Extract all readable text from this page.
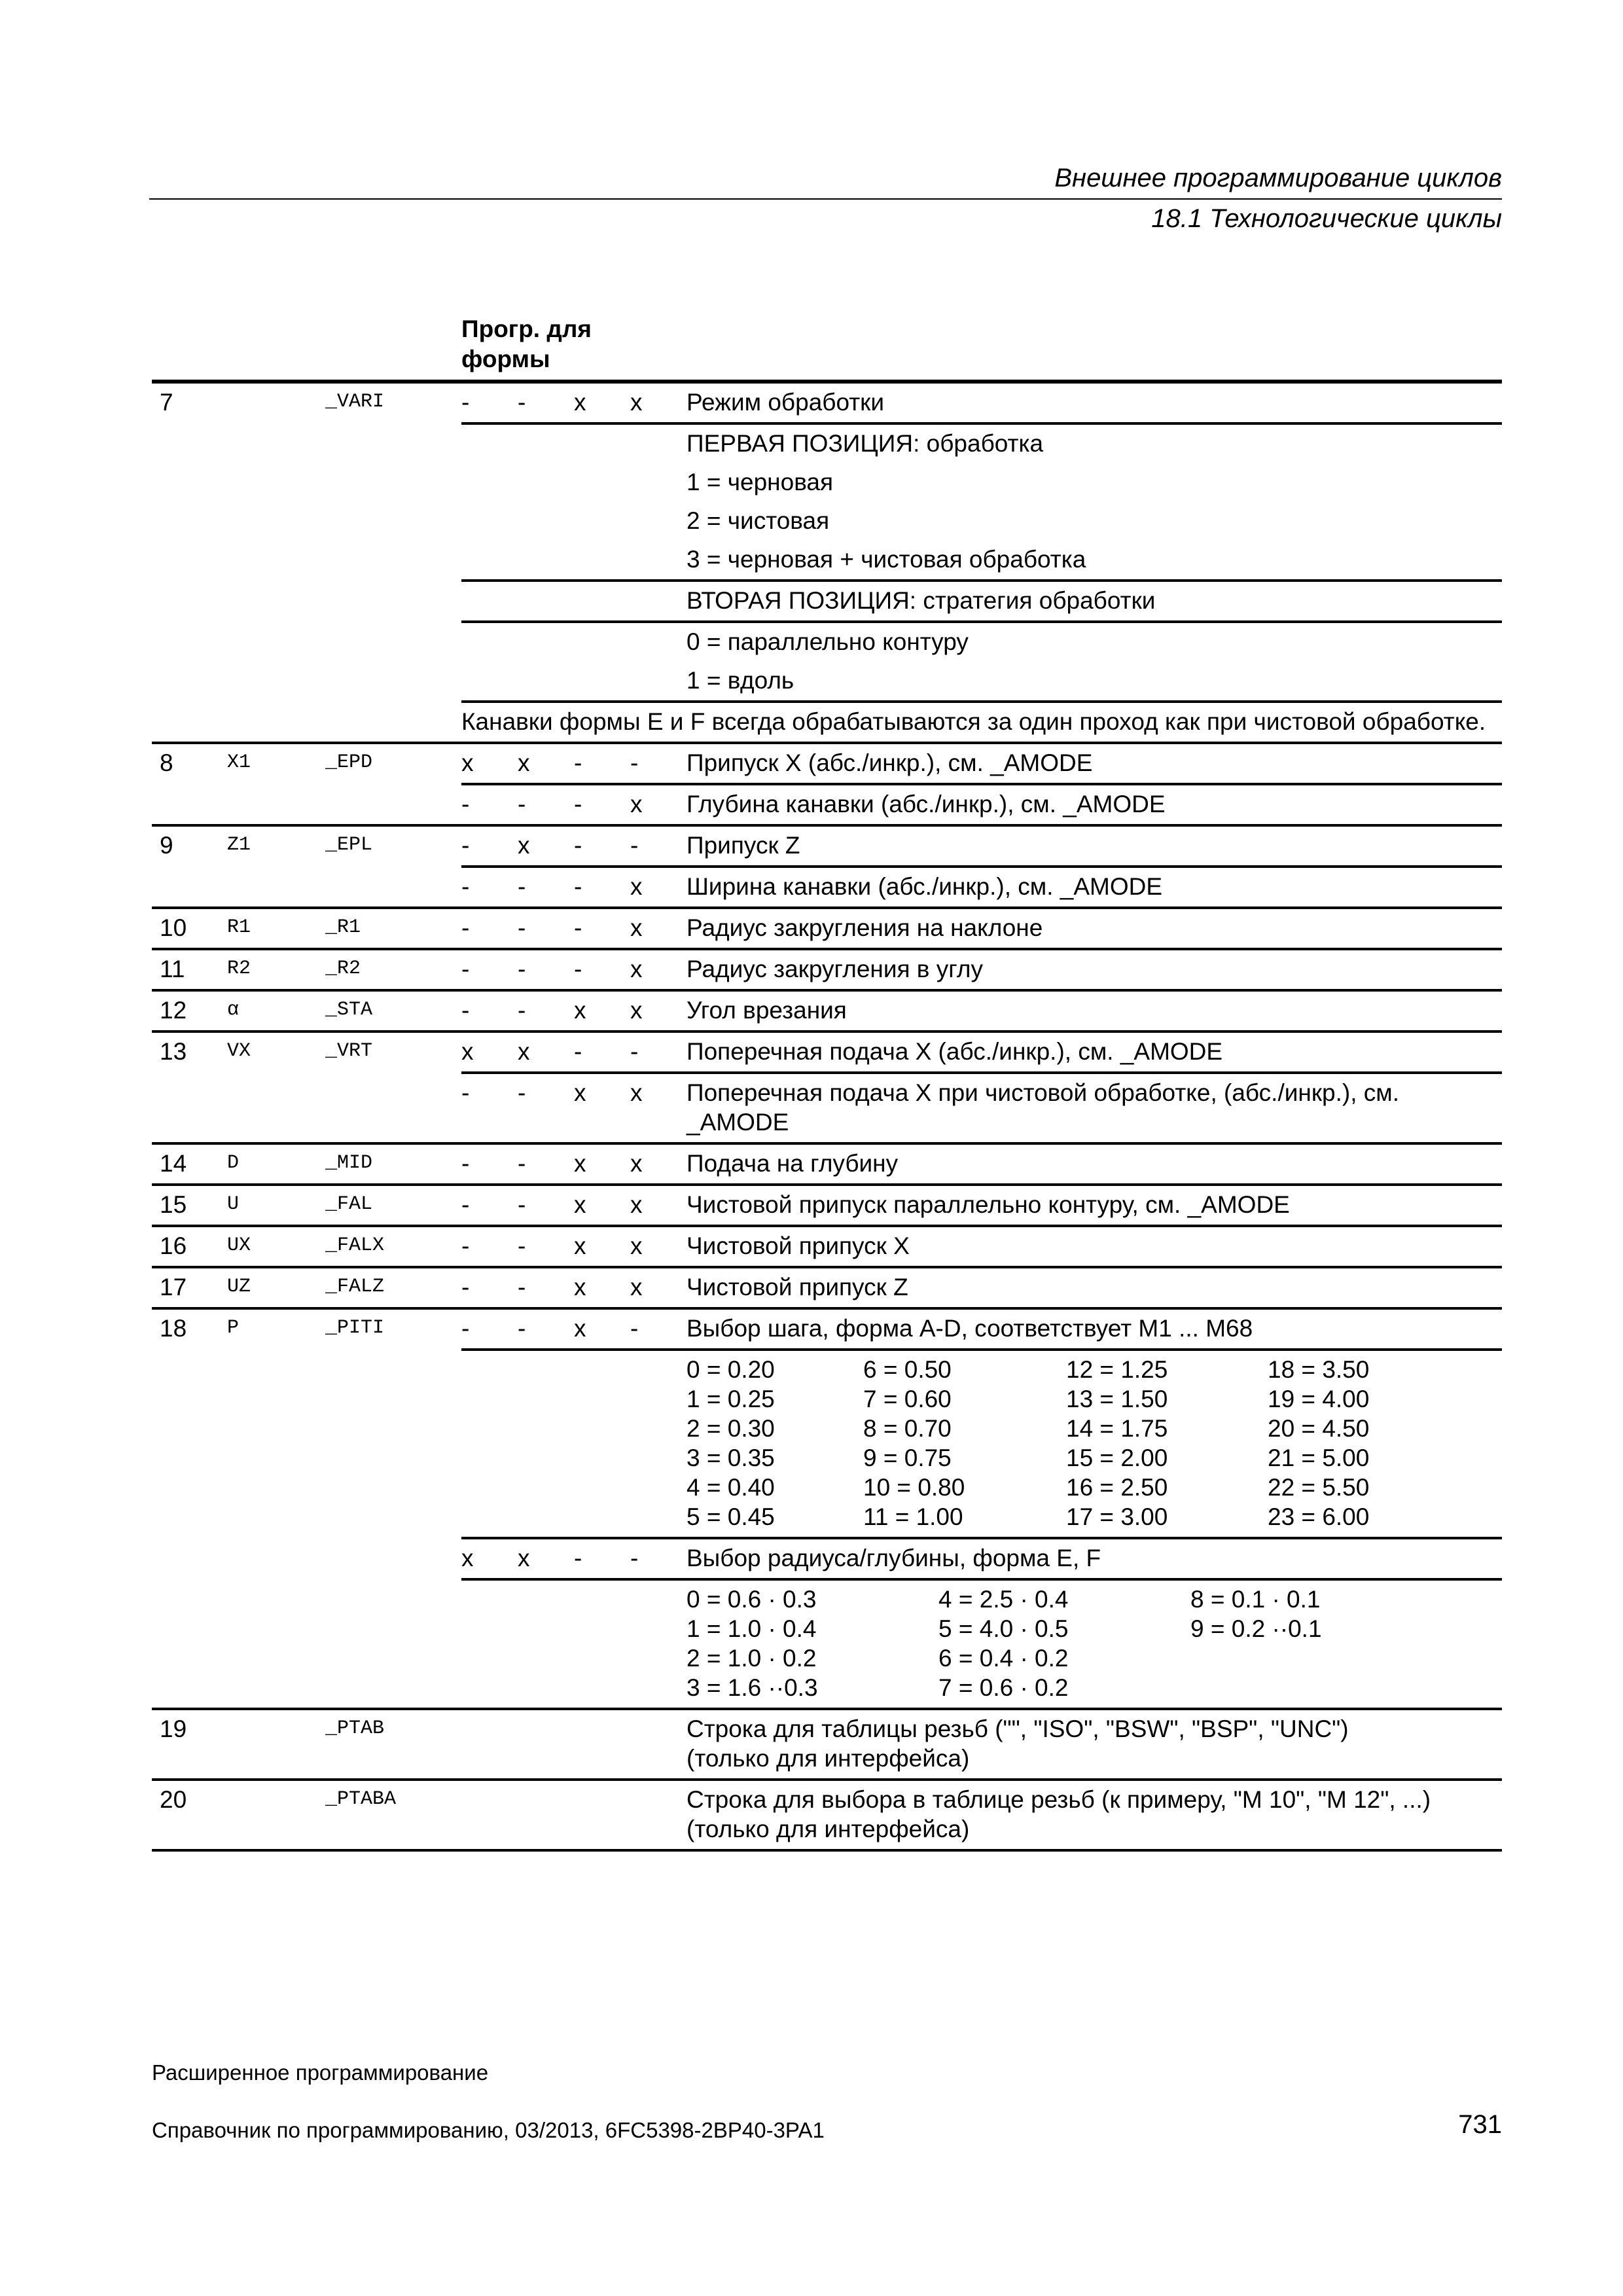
Внешнее программирование циклов
18.1 Технологические циклы
			Прогр. для формы	
7		_VARI	-	-	x	x	Режим обработки
							ПЕРВАЯ ПОЗИЦИЯ: обработка
							1 = черновая
							2 = чистовая
							3 = черновая + чистовая обработка
							ВТОРАЯ ПОЗИЦИЯ: стратегия обработки
							0 = параллельно контуру
							1 = вдоль
			Канавки формы E и F всегда обрабатываются за один проход как при чистовой обработке.
8	X1	_EPD	x	x	-	-	Припуск X (абс./инкр.), см. _AMODE
			-	-	-	x	Глубина канавки (абс./инкр.), см. _AMODE
9	Z1	_EPL	-	x	-	-	Припуск Z
			-	-	-	x	Ширина канавки (абс./инкр.), см. _AMODE
10	R1	_R1	-	-	-	x	Радиус закругления на наклоне
11	R2	_R2	-	-	-	x	Радиус закругления в углу
12	α	_STA	-	-	x	x	Угол врезания
13	VX	_VRT	x	x	-	-	Поперечная подача X (абс./инкр.), см. _AMODE
			-	-	x	x	Поперечная подача X при чистовой обработке, (абс./инкр.), см. _AMODE
14	D	_MID	-	-	x	x	Подача на глубину
15	U	_FAL	-	-	x	x	Чистовой припуск параллельно контуру, см. _AMODE
16	UX	_FALX	-	-	x	x	Чистовой припуск X
17	UZ	_FALZ	-	-	x	x	Чистовой припуск Z
18	P	_PITI	-	-	x	-	Выбор шага, форма A-D, соответствует M1 ... M68

0 = 0.20	6 = 0.50	12 = 1.25	18 = 3.50
1 = 0.25	7 = 0.60	13 = 1.50	19 = 4.00
2 = 0.30	8 = 0.70	14 = 1.75	20 = 4.50
3 = 0.35	9 = 0.75	15 = 2.00	21 = 5.00
4 = 0.40	10 = 0.80	16 = 2.50	22 = 5.50
5 = 0.45	11 = 1.00	17 = 3.00	23 = 6.00

			x	x	-	-	Выбор радиуса/глубины, форма E, F

0 = 0.6 · 0.3	4 = 2.5 · 0.4	8 = 0.1 · 0.1
1 = 1.0 · 0.4	5 = 4.0 · 0.5	9 = 0.2 ··0.1
2 = 1.0 · 0.2	6 = 0.4 · 0.2	
3 = 1.6 ··0.3	7 = 0.6 · 0.2	

19		_PTAB					Строка для таблицы резьб ("", "ISO", "BSW", "BSP", "UNC")
(только для интерфейса)

20		_PTABA					Строка для выбора в таблице резьб (к примеру, "M 10", "M 12", ...)
(только для интерфейса)
Расширенное программирование
Справочник по программированию, 03/2013, 6FC5398-2BP40-3PA1	731
